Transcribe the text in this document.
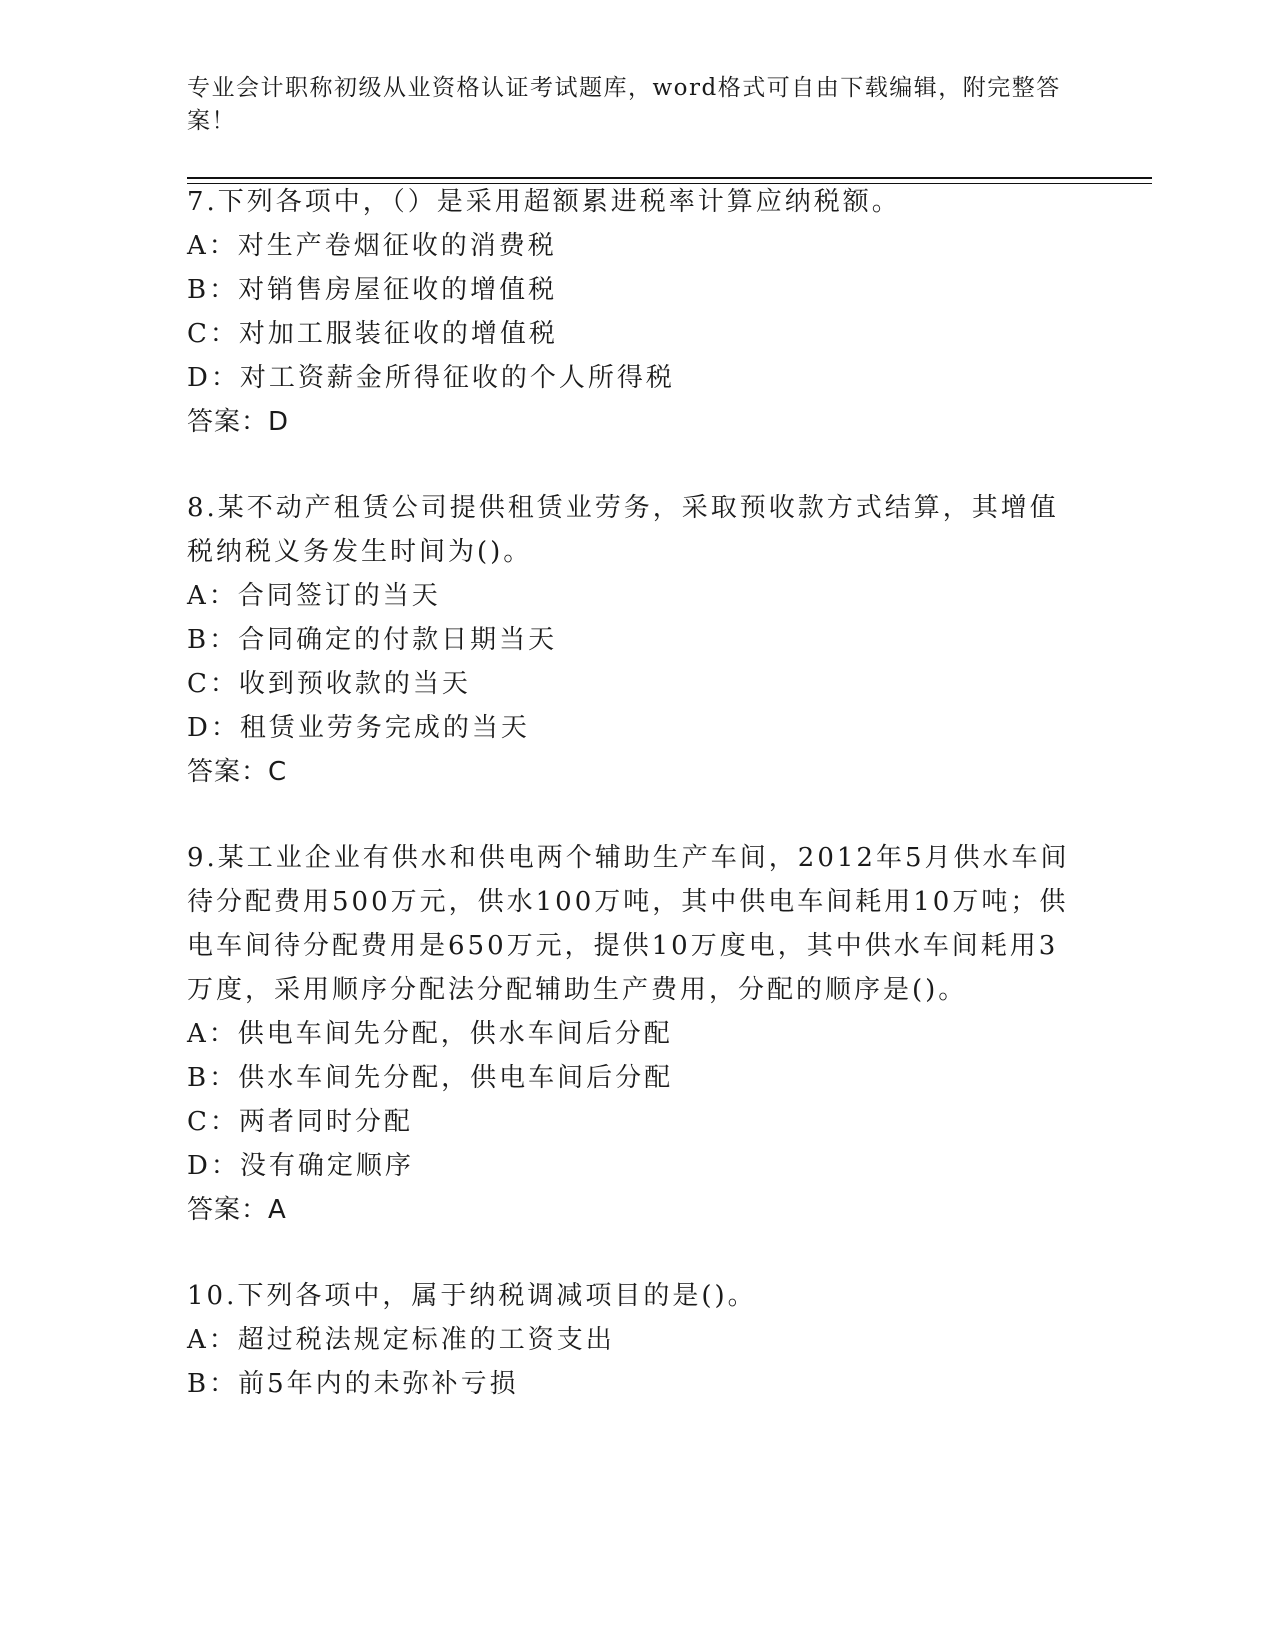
专业会计职称初级从业资格认证考试题库，word格式可自由下载编辑，附完整答
案！
7.下列各项中，（）是采用超额累进税率计算应纳税额。
A：对生产卷烟征收的消费税
B：对销售房屋征收的增值税
C：对加工服装征收的增值税
D：对工资薪金所得征收的个人所得税
答案：D
8.某不动产租赁公司提供租赁业劳务，采取预收款方式结算，其增值
税纳税义务发生时间为()。
A：合同签订的当天
B：合同确定的付款日期当天
C：收到预收款的当天
D：租赁业劳务完成的当天
答案：C
9.某工业企业有供水和供电两个辅助生产车间，2012年5月供水车间
待分配费用500万元，供水100万吨，其中供电车间耗用10万吨；供
电车间待分配费用是650万元，提供10万度电，其中供水车间耗用3
万度，采用顺序分配法分配辅助生产费用，分配的顺序是()。
A：供电车间先分配，供水车间后分配
B：供水车间先分配，供电车间后分配
C：两者同时分配
D：没有确定顺序
答案：A
10.下列各项中，属于纳税调减项目的是()。
A：超过税法规定标准的工资支出
B：前5年内的未弥补亏损
